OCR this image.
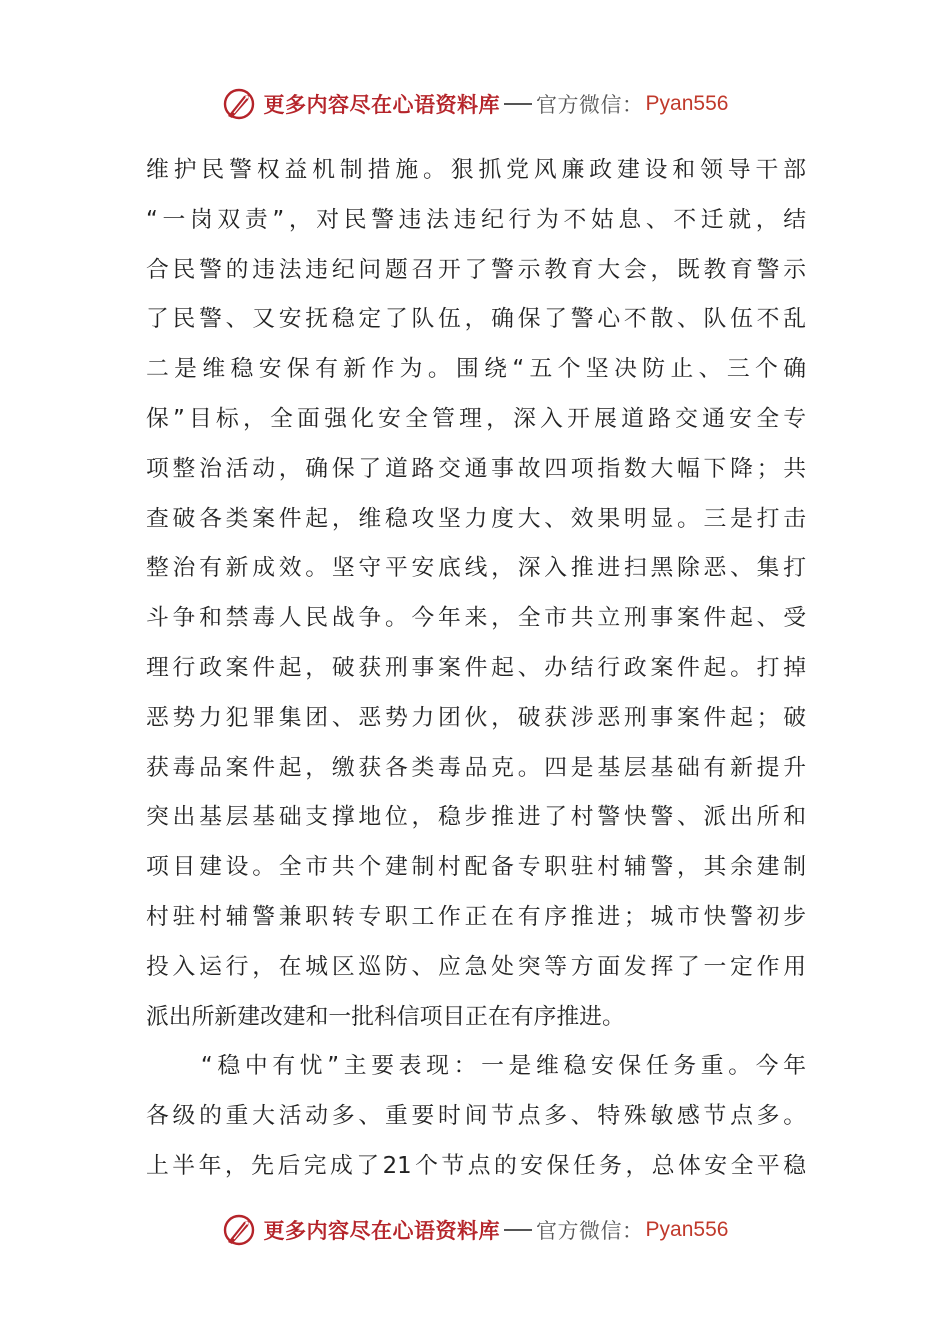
更多内容尽在心语资料库 官方微信： Pyan556
维护民警权益机制措施。狠抓党风廉政建设和领导干部
“一岗双责”，对民警违法违纪行为不姑息、不迁就，结
合民警的违法违纪问题召开了警示教育大会，既教育警示
了民警、又安抚稳定了队伍，确保了警心不散、队伍不乱
二是维稳安保有新作为。围绕“五个坚决防止、三个确
保”目标，全面强化安全管理，深入开展道路交通安全专
项整治活动，确保了道路交通事故四项指数大幅下降；共
查破各类案件起，维稳攻坚力度大、效果明显。三是打击
整治有新成效。坚守平安底线，深入推进扫黑除恶、集打
斗争和禁毒人民战争。今年来，全市共立刑事案件起、受
理行政案件起，破获刑事案件起、办结行政案件起。打掉
恶势力犯罪集团、恶势力团伙，破获涉恶刑事案件起；破
获毒品案件起，缴获各类毒品克。四是基层基础有新提升
突出基层基础支撑地位，稳步推进了村警快警、派出所和
项目建设。全市共个建制村配备专职驻村辅警，其余建制
村驻村辅警兼职转专职工作正在有序推进；城市快警初步
投入运行，在城区巡防、应急处突等方面发挥了一定作用
派出所新建改建和一批科信项目正在有序推进。
　　“稳中有忧”主要表现：一是维稳安保任务重。今年
各级的重大活动多、重要时间节点多、特殊敏感节点多。
上半年，先后完成了21个节点的安保任务，总体安全平稳
更多内容尽在心语资料库 官方微信： Pyan556
